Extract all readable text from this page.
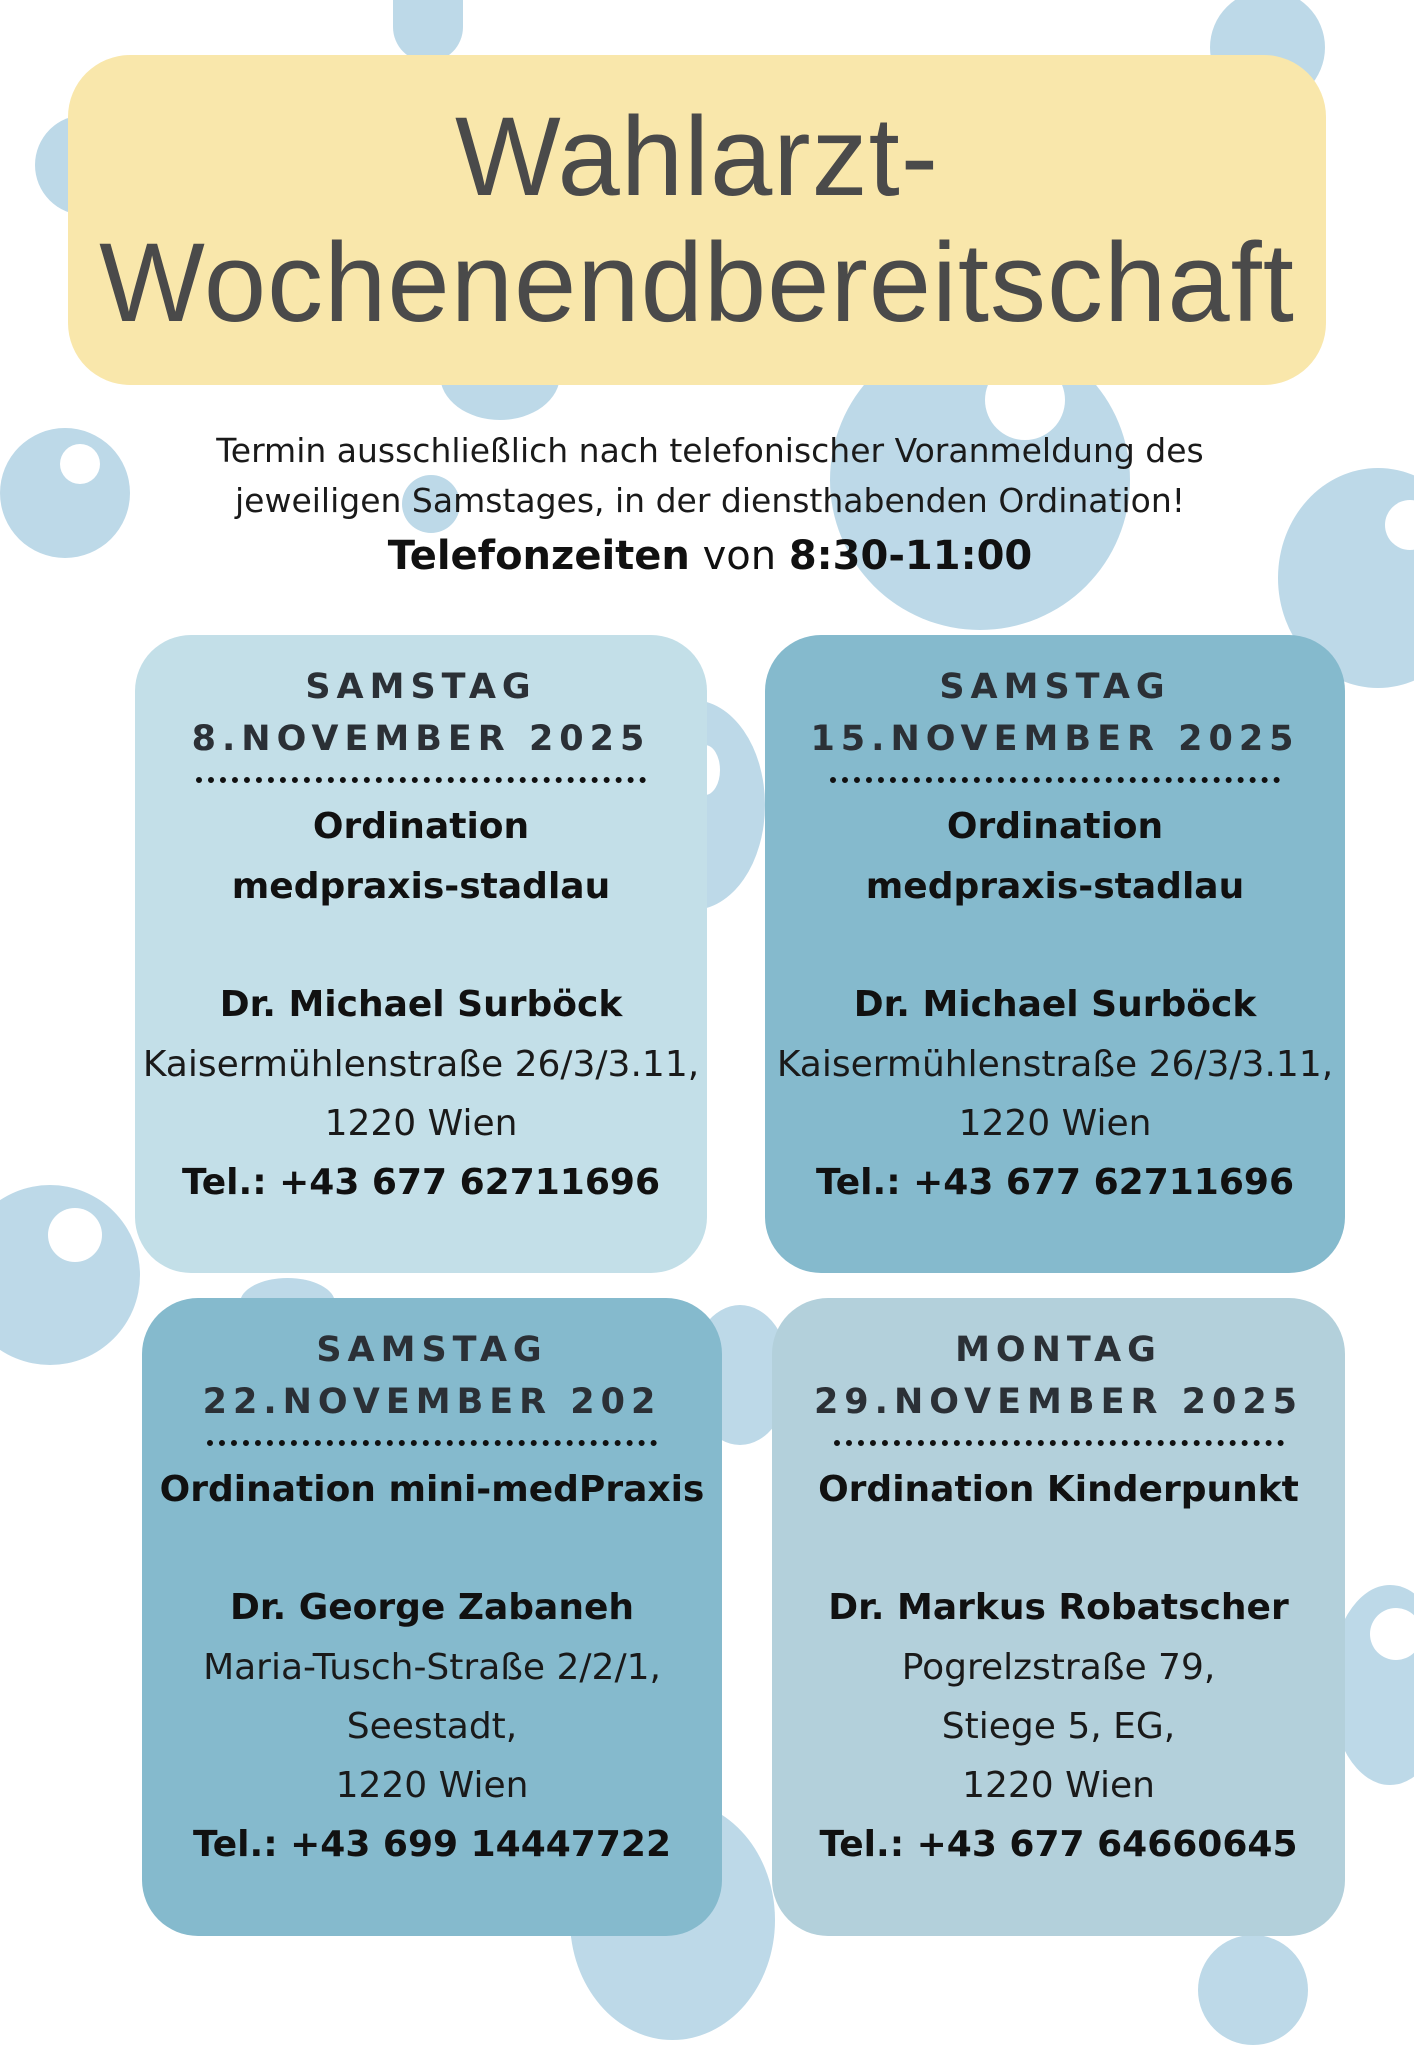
Wahlarzt-
Wochenendbereitschaft
Termin ausschließlich nach telefonischer Voranmeldung des
jeweiligen Samstages, in der diensthabenden Ordination!
Telefonzeiten von 8:30-11:00
SAMSTAG
8.NOVEMBER 2025
Ordination
medpraxis-stadlau
Dr. Michael Surböck
Kaisermühlenstraße 26/3/3.11,
1220 Wien
Tel.: +43 677 62711696
SAMSTAG
15.NOVEMBER 2025
Ordination
medpraxis-stadlau
Dr. Michael Surböck
Kaisermühlenstraße 26/3/3.11,
1220 Wien
Tel.: +43 677 62711696
SAMSTAG
22.NOVEMBER 202
Ordination mini-medPraxis
Dr. George Zabaneh
Maria-Tusch-Straße 2/2/1,
Seestadt,
1220 Wien
Tel.: +43 699 14447722
MONTAG
29.NOVEMBER 2025
Ordination Kinderpunkt
Dr. Markus Robatscher
Pogrelzstraße 79,
Stiege 5, EG,
1220 Wien
Tel.: +43 677 64660645
